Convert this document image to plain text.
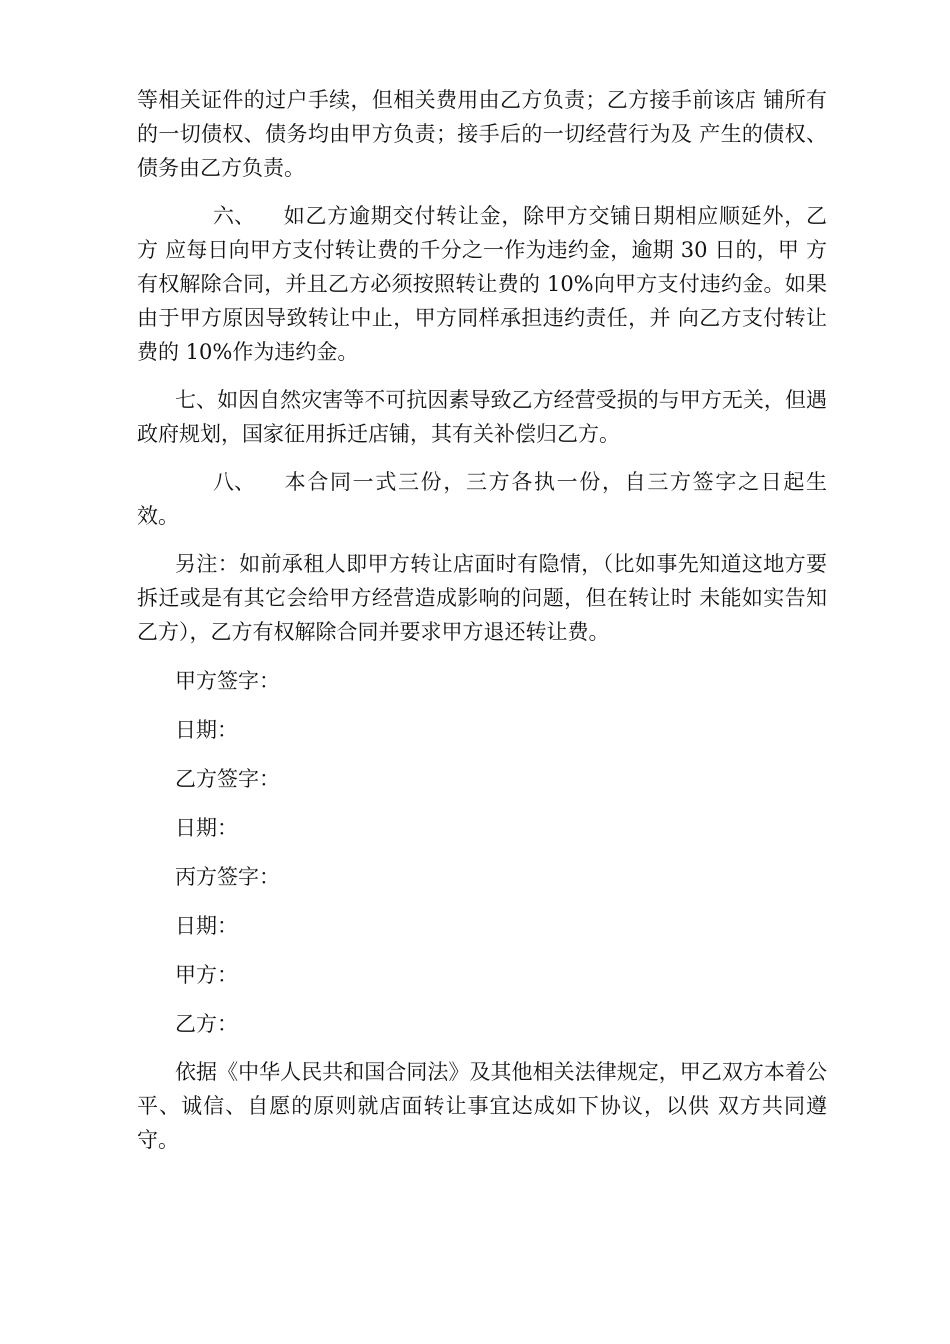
等相关证件的过户手续，但相关费用由乙方负责；乙方接手前该店 铺所有的一切债权、债务均由甲方负责；接手后的一切经营行为及 产生的债权、债务由乙方负责。

六、 如乙方逾期交付转让金，除甲方交铺日期相应顺延外，乙方 应每日向甲方支付转让费的千分之一作为违约金，逾期 30 日的，甲 方有权解除合同，并且乙方必须按照转让费的 10%向甲方支付违约金。如果由于甲方原因导致转让中止，甲方同样承担违约责任，并 向乙方支付转让费的 10%作为违约金。

七、如因自然灾害等不可抗因素导致乙方经营受损的与甲方无关，但遇政府规划，国家征用拆迁店铺，其有关补偿归乙方。

八、 本合同一式三份，三方各执一份，自三方签字之日起生效。

另注：如前承租人即甲方转让店面时有隐情，（比如事先知道这地方要拆迁或是有其它会给甲方经营造成影响的问题，但在转让时 未能如实告知乙方），乙方有权解除合同并要求甲方退还转让费。

甲方签字：

日期：

乙方签字：

日期：

丙方签字：

日期：

甲方：

乙方：

依据《中华人民共和国合同法》及其他相关法律规定，甲乙双方本着公平、诚信、自愿的原则就店面转让事宜达成如下协议，以供 双方共同遵守。
